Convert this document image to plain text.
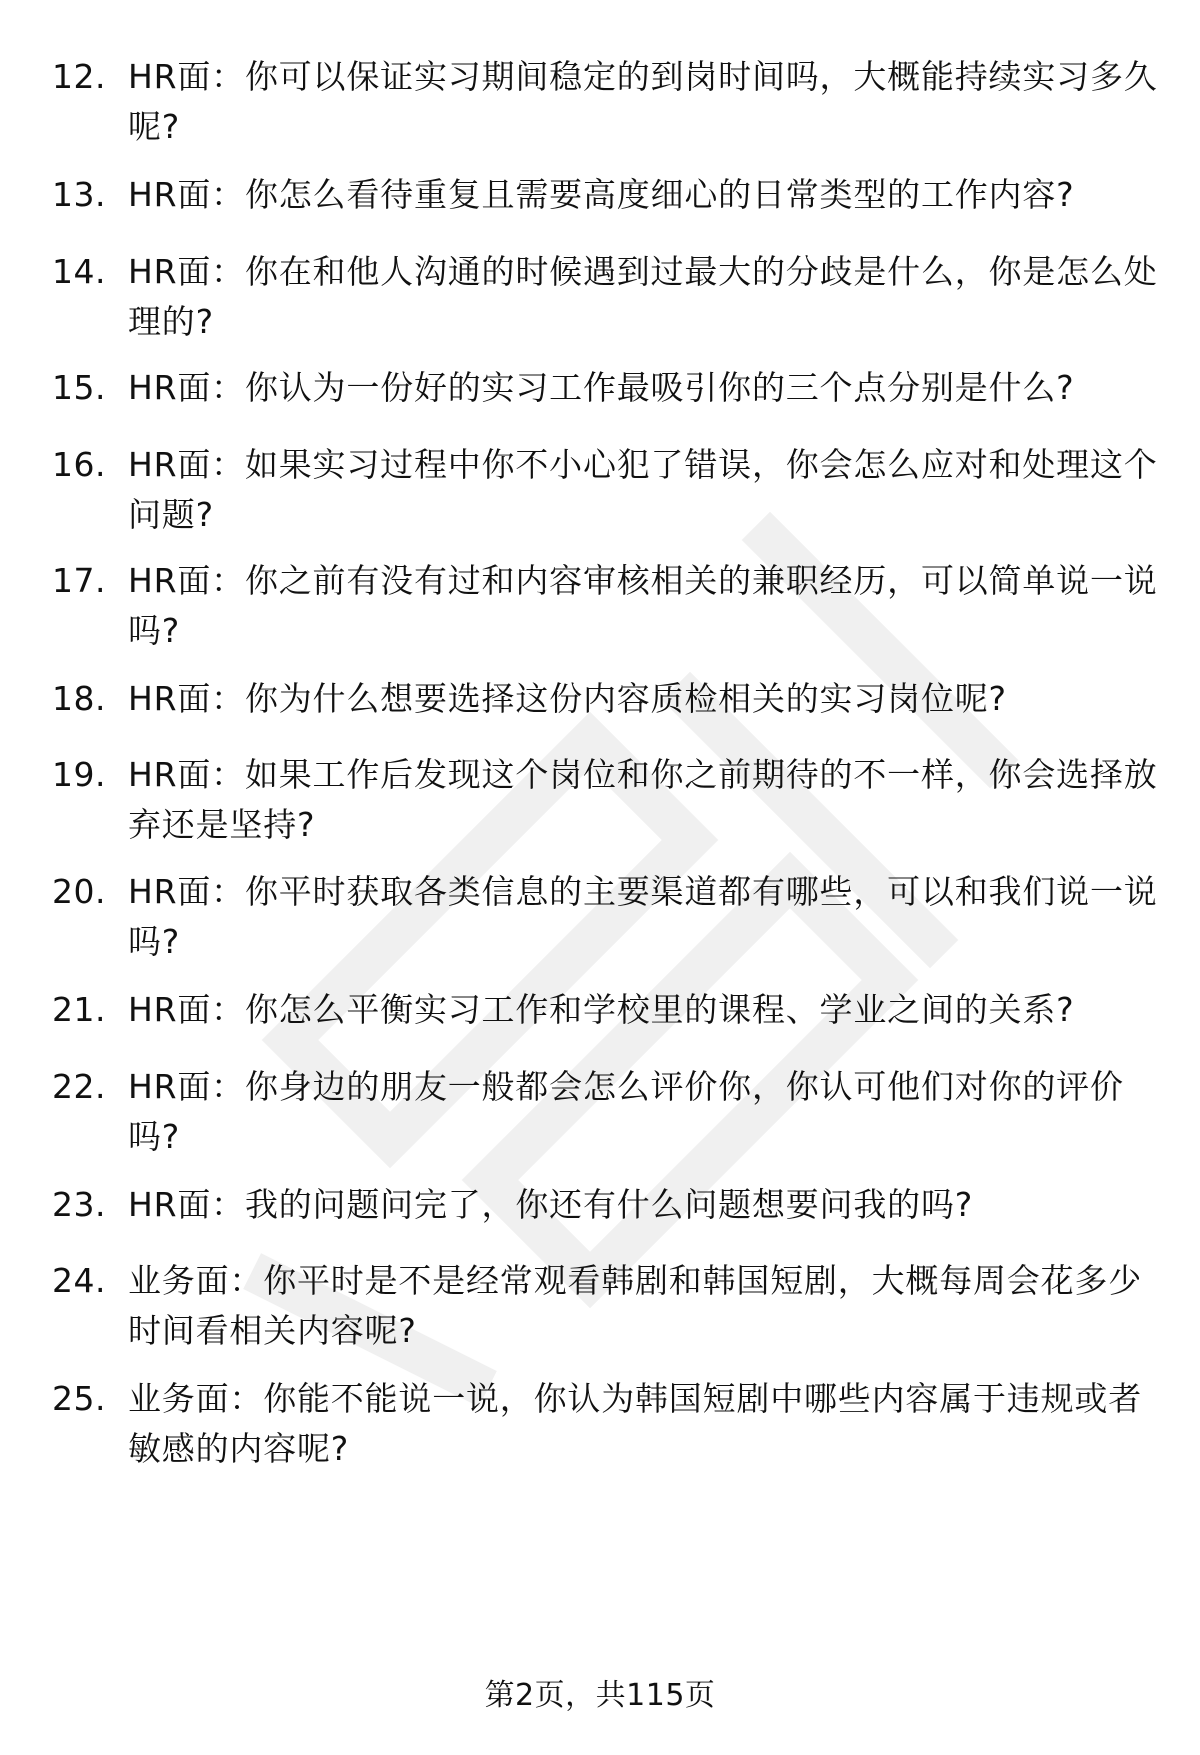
12. HR面：你可以保证实习期间稳定的到岗时间吗，大概能持续实习多久呢?
13. HR面：你怎么看待重复且需要高度细心的日常类型的工作内容?
14. HR面：你在和他人沟通的时候遇到过最大的分歧是什么，你是怎么处理的?
15. HR面：你认为一份好的实习工作最吸引你的三个点分别是什么?
16. HR面：如果实习过程中你不小心犯了错误，你会怎么应对和处理这个问题?
17. HR面：你之前有没有过和内容审核相关的兼职经历，可以简单说一说吗?
18. HR面：你为什么想要选择这份内容质检相关的实习岗位呢?
19. HR面：如果工作后发现这个岗位和你之前期待的不一样，你会选择放弃还是坚持?
20. HR面：你平时获取各类信息的主要渠道都有哪些，可以和我们说一说吗?
21. HR面：你怎么平衡实习工作和学校里的课程、学业之间的关系?
22. HR面：你身边的朋友一般都会怎么评价你，你认可他们对你的评价吗?
23. HR面：我的问题问完了，你还有什么问题想要问我的吗?
24. 业务面：你平时是不是经常观看韩剧和韩国短剧，大概每周会花多少时间看相关内容呢?
25. 业务面：你能不能说一说，你认为韩国短剧中哪些内容属于违规或者敏感的内容呢?
第2页，共115页
